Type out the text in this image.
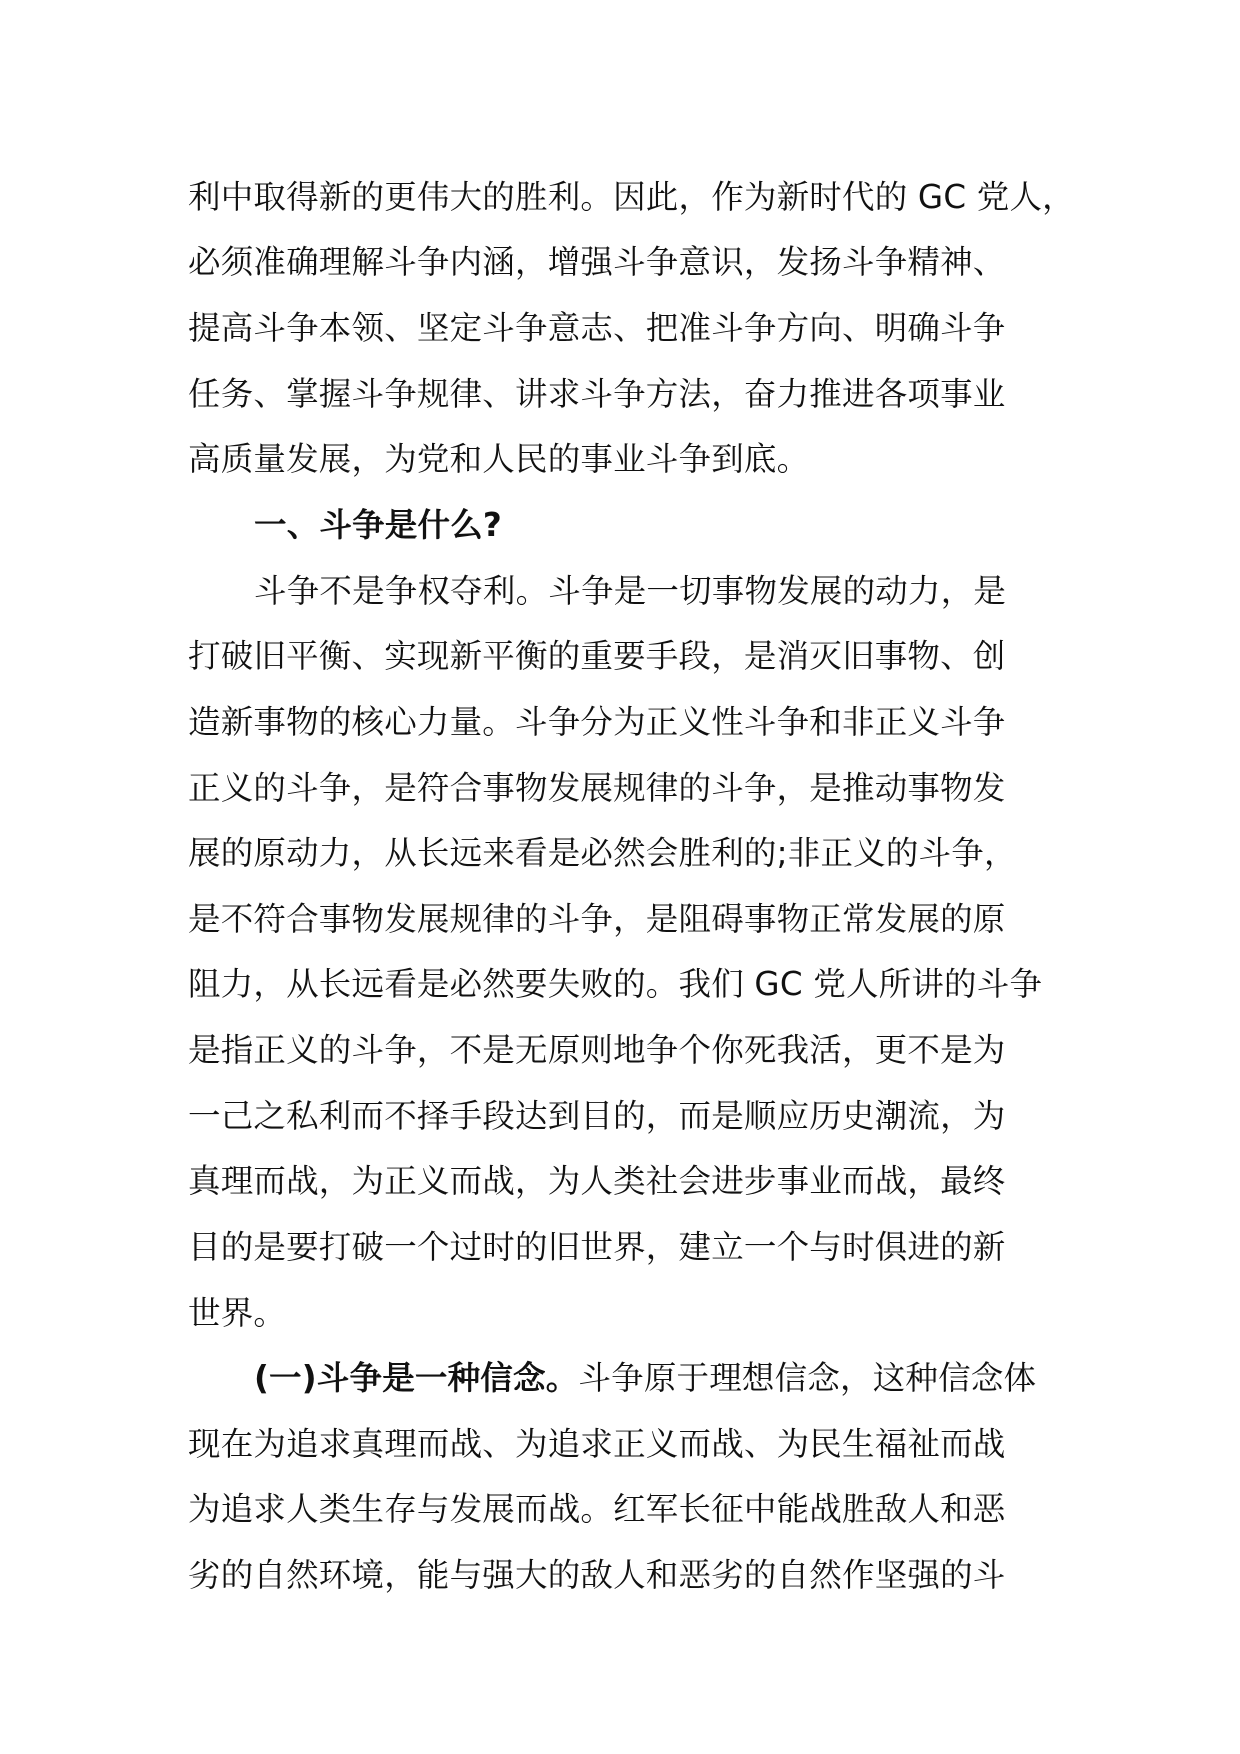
利中取得新的更伟大的胜利。因此，作为新时代的 GC 党人，
必须准确理解斗争内涵，增强斗争意识，发扬斗争精神、
提高斗争本领、坚定斗争意志、把准斗争方向、明确斗争
任务、掌握斗争规律、讲求斗争方法，奋力推进各项事业
高质量发展，为党和人民的事业斗争到底。
一、斗争是什么?
斗争不是争权夺利。斗争是一切事物发展的动力，是
打破旧平衡、实现新平衡的重要手段，是消灭旧事物、创
造新事物的核心力量。斗争分为正义性斗争和非正义斗争
正义的斗争，是符合事物发展规律的斗争，是推动事物发
展的原动力，从长远来看是必然会胜利的;非正义的斗争，
是不符合事物发展规律的斗争，是阻碍事物正常发展的原
阻力，从长远看是必然要失败的。我们 GC 党人所讲的斗争
是指正义的斗争，不是无原则地争个你死我活，更不是为
一己之私利而不择手段达到目的，而是顺应历史潮流，为
真理而战，为正义而战，为人类社会进步事业而战，最终
目的是要打破一个过时的旧世界，建立一个与时俱进的新
世界。
(一)斗争是一种信念。斗争原于理想信念，这种信念体
现在为追求真理而战、为追求正义而战、为民生福祉而战
为追求人类生存与发展而战。红军长征中能战胜敌人和恶
劣的自然环境，能与强大的敌人和恶劣的自然作坚强的斗
